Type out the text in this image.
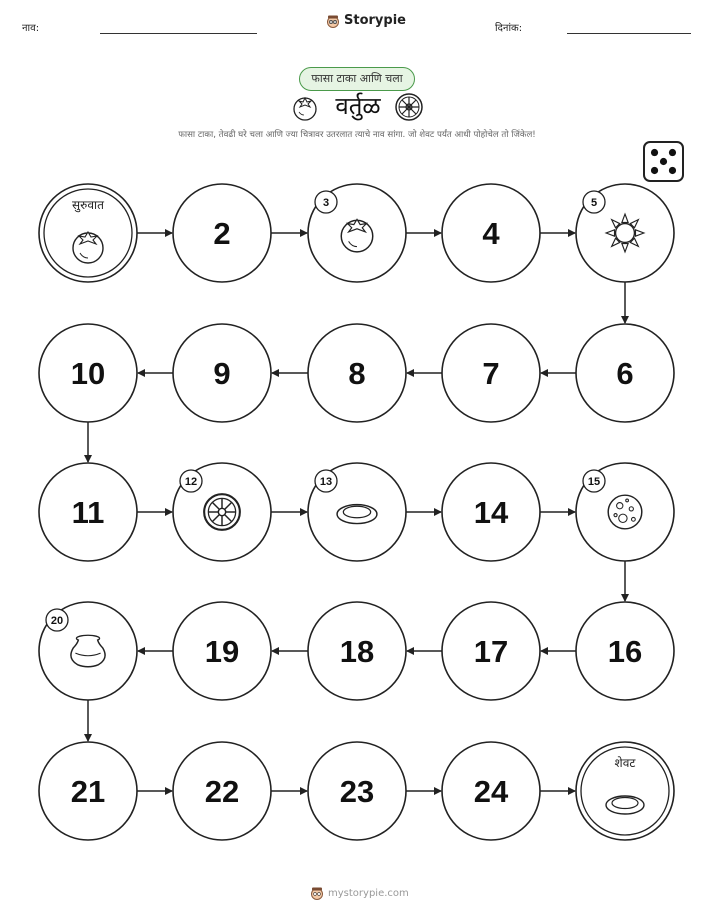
नाव:
Storypie
दिनांक:
फासा टाका आणि चला
वर्तुळ
फासा टाका, तेवढी घरे चला आणि ज्या चित्रावर उतरलात त्याचे नाव सांगा. जो शेवट पर्यंत आधी पोहोचेल तो जिंकेल!
सुरुवात
2
3
4
5
6
7
8
9
10
11
12	13
14
15
16
17
18
19
20
21	22	23	24
शेवट
mystorypie.com
